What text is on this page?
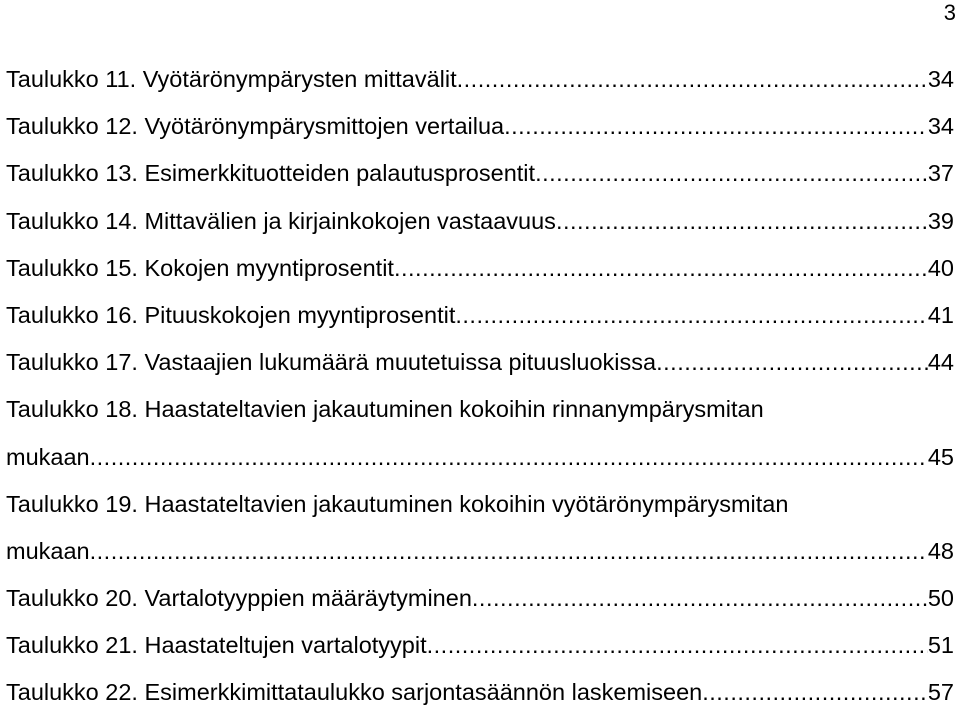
3
Taulukko 11. Vyötärönympärysten mittavälit .....	34
Taulukko 12. Vyötärönympärysmittojen vertailua .....	34
Taulukko 13. Esimerkkituotteiden palautusprosentit .....	37
Taulukko 14. Mittavälien ja kirjainkokojen vastaavuus .....	39
Taulukko 15. Kokojen myyntiprosentit .....	40
Taulukko 16. Pituuskokojen myyntiprosentit .....	41
Taulukko 17. Vastaajien lukumäärä muutetuissa pituusluokissa .....	44
Taulukko 18. Haastateltavien jakautuminen kokoihin rinnanympärysmitan
mukaan .....	45
Taulukko 19. Haastateltavien jakautuminen kokoihin vyötärönympärysmitan
mukaan .....	48
Taulukko 20. Vartalotyyppien määräytyminen .....	50
Taulukko 21. Haastateltujen vartalotyypit .....	51
Taulukko 22. Esimerkkimittataulukko sarjontasäännön laskemiseen .....	57
